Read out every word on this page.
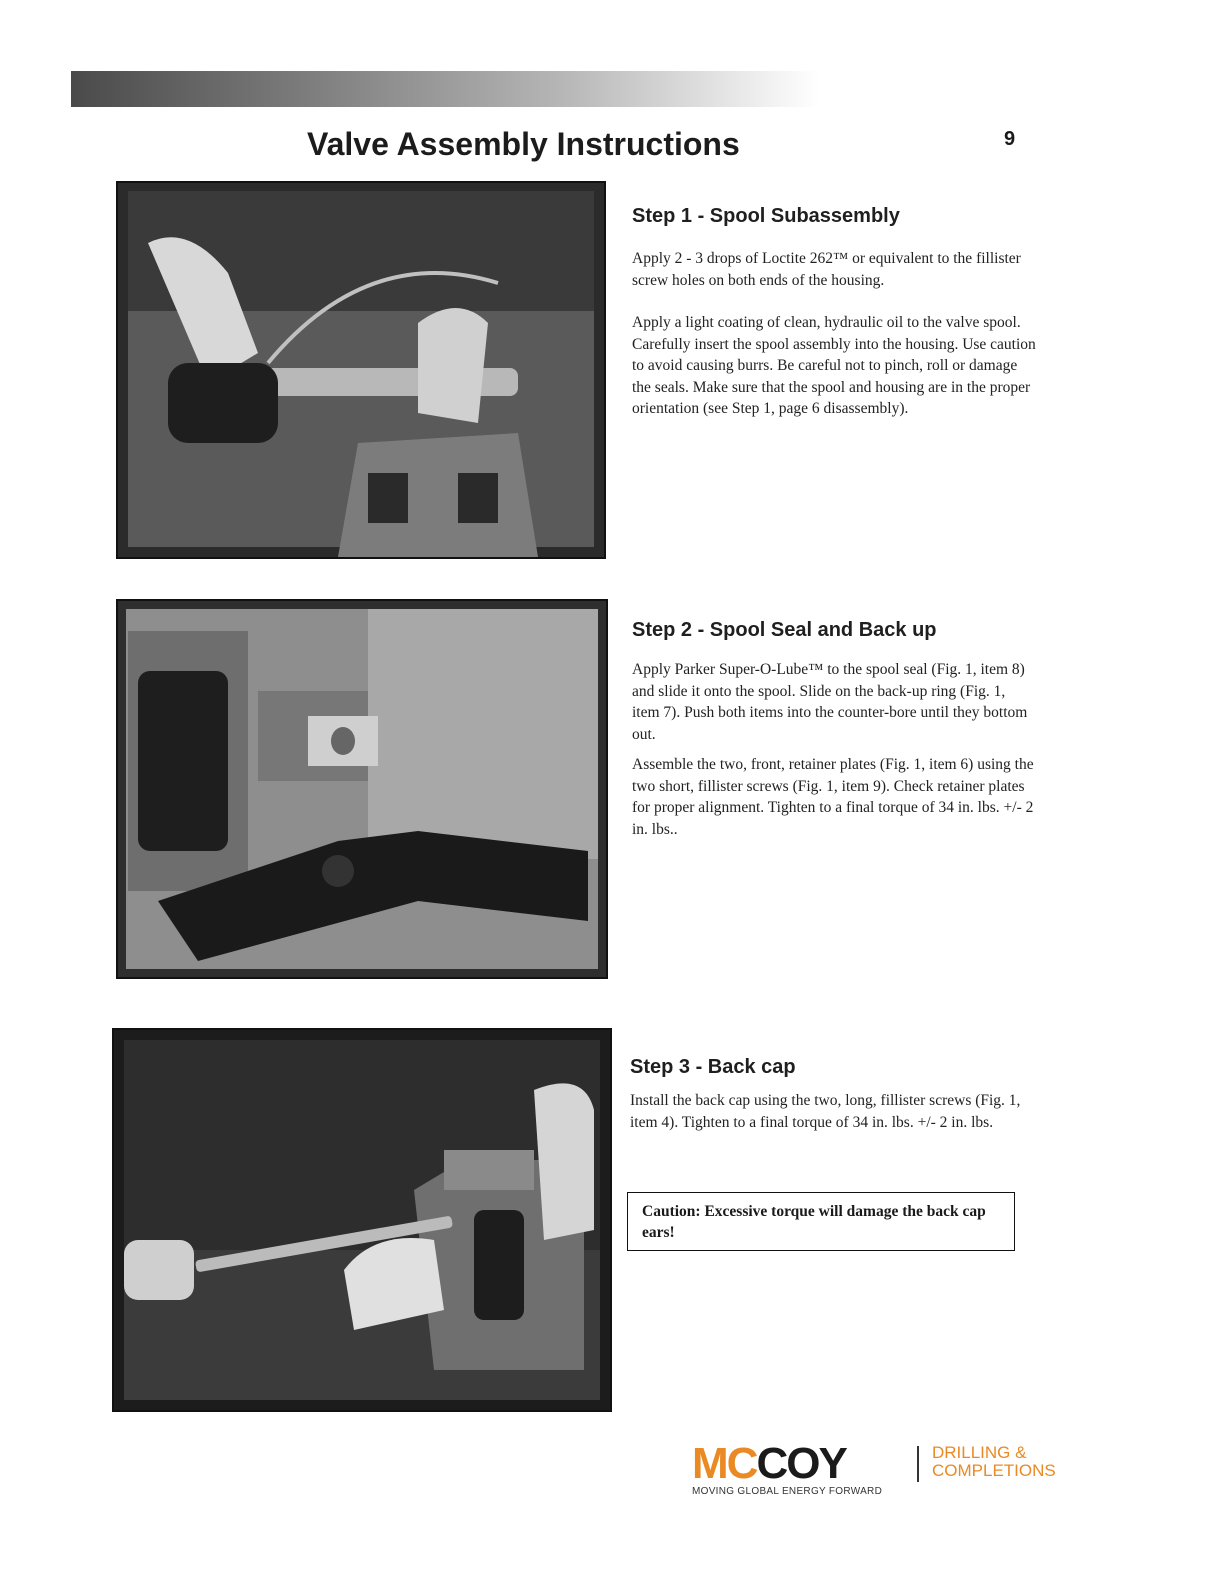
Valve Assembly Instructions	9
Step 1 - Spool Subassembly

Apply 2 - 3 drops of Loctite 262™ or equivalent to the fillister screw holes on both ends of the housing.

Apply a light coating of clean, hydraulic oil to the valve spool. Carefully insert the spool assembly into the housing. Use caution to avoid causing burrs. Be careful not to pinch, roll or damage the seals. Make sure that the spool and housing are in the proper orientation (see Step 1, page 6 disassembly).

Step 2 - Spool Seal and Back up

Apply Parker Super-O-Lube™ to the spool seal (Fig. 1, item 8) and slide it onto the spool. Slide on the back-up ring (Fig. 1, item 7). Push both items into the counter-bore until they bottom out.

Assemble the two, front, retainer plates (Fig. 1, item 6) using the two short, fillister screws (Fig. 1, item 9). Check retainer plates for proper alignment. Tighten to a final torque of 34 in. lbs. +/- 2 in. lbs..

Step 3 - Back cap

Install the back cap using the two, long, fillister screws (Fig. 1, item 4). Tighten to a final torque of 34 in. lbs. +/- 2 in. lbs.

Caution: Excessive torque will damage the back cap ears!
MCCOY
MOVING GLOBAL ENERGY FORWARD
DRILLING &
COMPLETIONS
